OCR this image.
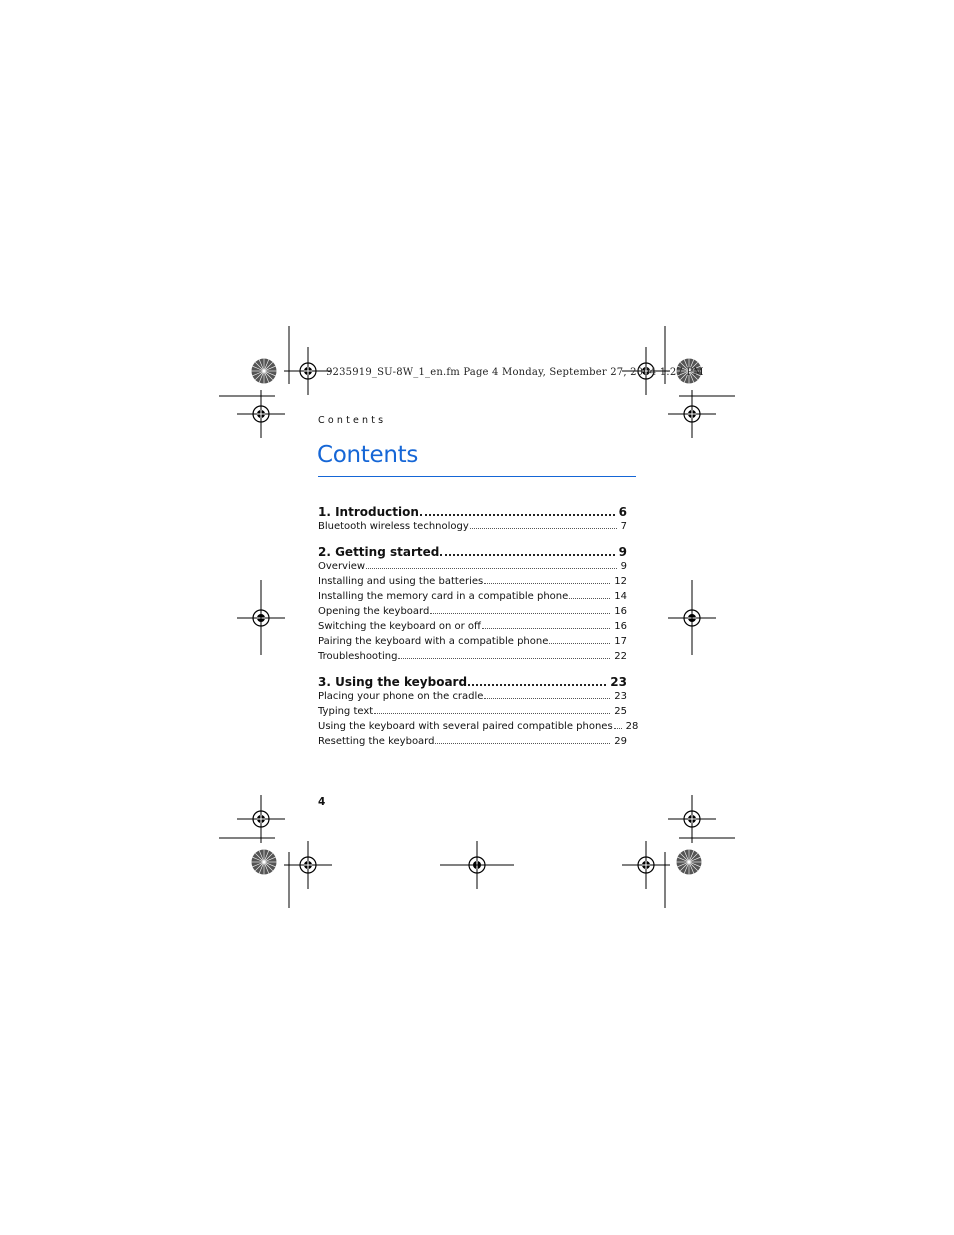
9235919_SU-8W_1_en.fm Page 4 Monday, September 27, 2004 1:27 PM
Contents
Contents
1. Introduction	6
Bluetooth wireless technology	7
2. Getting started	9
Overview	9
Installing and using the batteries	12
Installing the memory card in a compatible phone	14
Opening the keyboard	16
Switching the keyboard on or off	16
Pairing the keyboard with a compatible phone	17
Troubleshooting	22
3. Using the keyboard	23
Placing your phone on the cradle	23
Typing text	25
Using the keyboard with several paired compatible phones 28
Resetting the keyboard	29
4
